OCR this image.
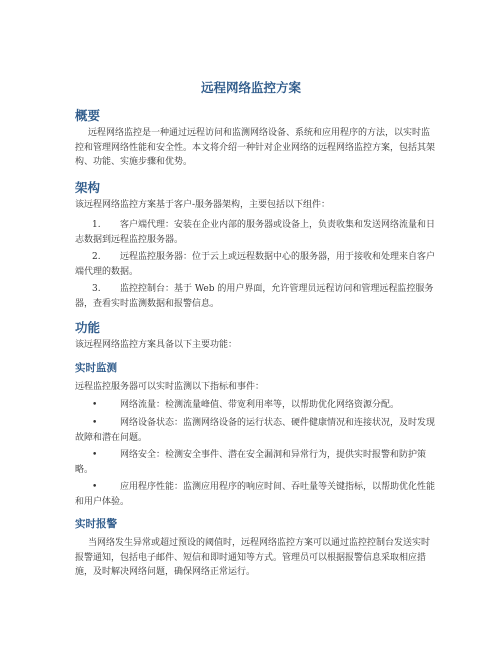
远程网络监控方案
概要
远程网络监控是一种通过远程访问和监测网络设备、系统和应用程序的方法，以实时监控和管理网络性能和安全性。本文将介绍一种针对企业网络的远程网络监控方案，包括其架构、功能、实施步骤和优势。
架构
该远程网络监控方案基于客户-服务器架构，主要包括以下组件：
1. 客户端代理：安装在企业内部的服务器或设备上，负责收集和发送网络流量和日志数据到远程监控服务器。
2. 远程监控服务器：位于云上或远程数据中心的服务器，用于接收和处理来自客户端代理的数据。
3. 监控控制台：基于 Web 的用户界面，允许管理员远程访问和管理远程监控服务器，查看实时监测数据和报警信息。
功能
该远程网络监控方案具备以下主要功能：
实时监测
远程监控服务器可以实时监测以下指标和事件：
•	网络流量：检测流量峰值、带宽利用率等，以帮助优化网络资源分配。
•	网络设备状态：监测网络设备的运行状态、硬件健康情况和连接状况，及时发现故障和潜在问题。
•	网络安全：检测安全事件、潜在安全漏洞和异常行为，提供实时报警和防护策略。
•	应用程序性能：监测应用程序的响应时间、吞吐量等关键指标，以帮助优化性能和用户体验。
实时报警
当网络发生异常或超过预设的阈值时，远程网络监控方案可以通过监控控制台发送实时报警通知，包括电子邮件、短信和即时通知等方式。管理员可以根据报警信息采取相应措施，及时解决网络问题，确保网络正常运行。
